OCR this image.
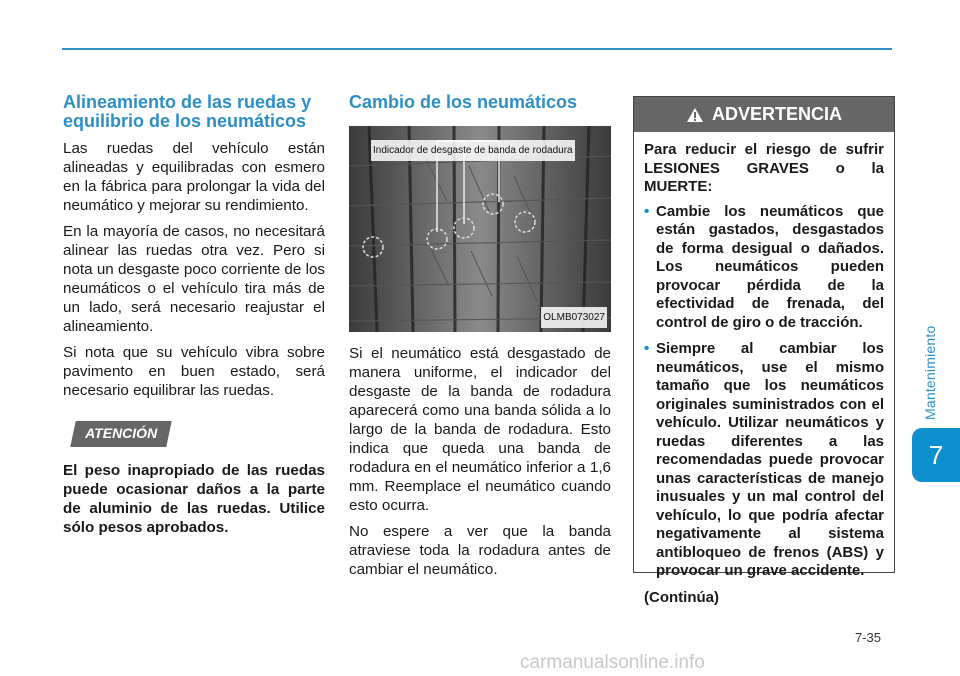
Mantenimiento
7
Alineamiento de las ruedas y equilibrio de los neumáticos

Las ruedas del vehículo están alineadas y equilibradas con esmero en la fábrica para prolongar la vida del neumático y mejorar su rendimiento.

En la mayoría de casos, no necesitará alinear las ruedas otra vez. Pero si nota un desgaste poco corriente de los neumáticos o el vehículo tira más de un lado, será necesario reajustar el alineamiento.

Si nota que su vehículo vibra sobre pavimento en buen estado, será necesario equilibrar las ruedas.

ATENCIÓN

El peso inapropiado de las ruedas puede ocasionar daños a la parte de aluminio de las ruedas. Utilice sólo pesos aprobados.

Cambio de los neumáticos
Indicador de desgaste de banda de rodadura
OLMB073027

Si el neumático está desgastado de manera uniforme, el indicador del desgaste de la banda de rodadura aparecerá como una banda sólida a lo largo de la banda de rodadura. Esto indica que queda una banda de rodadura en el neumático inferior a 1,6 mm. Reemplace el neumático cuando esto ocurra.

No espere a ver que la banda atraviese toda la rodadura antes de cambiar el neumático.

ADVERTENCIA

Para reducir el riesgo de sufrir LESIONES GRAVES o la MUERTE:

• Cambie los neumáticos que están gastados, desgastados de forma desigual o dañados. Los neumáticos pueden provocar pérdida de la efectividad de frenada, del control de giro o de tracción.
• Siempre al cambiar los neumáticos, use el mismo tamaño que los neumáticos originales suministrados con el vehículo. Utilizar neumáticos y ruedas diferentes a las recomendadas puede provocar unas características de manejo inusuales y un mal control del vehículo, lo que podría afectar negativamente al sistema antibloqueo de frenos (ABS) y provocar un grave accidente.

(Continúa)

7-35
carmanualsonline.info
